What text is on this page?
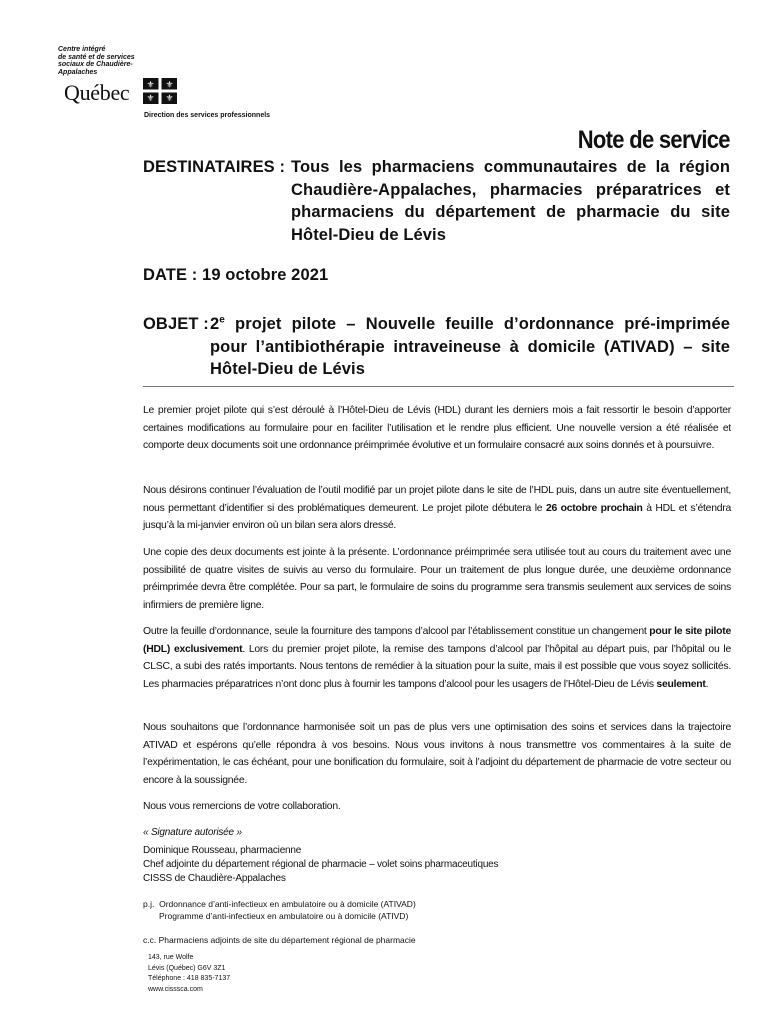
Centre intégré
de santé et de services
sociaux de Chaudière-
Appalaches
Québec ⚜ ⚜
⚜ ⚜
Direction des services professionnels
Note de service
DESTINATAIRES : Tous les pharmaciens communautaires de la région Chaudière-Appalaches, pharmacies préparatrices et pharmaciens du département de pharmacie du site Hôtel-Dieu de Lévis
DATE : 19 octobre 2021
OBJET : 2e projet pilote – Nouvelle feuille d’ordonnance pré-imprimée pour l’antibiothérapie intraveineuse à domicile (ATIVAD) – site Hôtel-Dieu de Lévis
Le premier projet pilote qui s’est déroulé à l’Hôtel-Dieu de Lévis (HDL) durant les derniers mois a fait ressortir le besoin d’apporter certaines modifications au formulaire pour en faciliter l’utilisation et le rendre plus efficient. Une nouvelle version a été réalisée et comporte deux documents soit une ordonnance préimprimée évolutive et un formulaire consacré aux soins donnés et à poursuivre.
Nous désirons continuer l’évaluation de l’outil modifié par un projet pilote dans le site de l’HDL puis, dans un autre site éventuellement, nous permettant d’identifier si des problématiques demeurent. Le projet pilote débutera le 26 octobre prochain à HDL et s’étendra jusqu’à la mi-janvier environ où un bilan sera alors dressé.
Une copie des deux documents est jointe à la présente. L’ordonnance préimprimée sera utilisée tout au cours du traitement avec une possibilité de quatre visites de suivis au verso du formulaire. Pour un traitement de plus longue durée, une deuxième ordonnance préimprimée devra être complétée. Pour sa part, le formulaire de soins du programme sera transmis seulement aux services de soins infirmiers de première ligne.
Outre la feuille d’ordonnance, seule la fourniture des tampons d’alcool par l’établissement constitue un changement pour le site pilote (HDL) exclusivement. Lors du premier projet pilote, la remise des tampons d’alcool par l’hôpital au départ puis, par l’hôpital ou le CLSC, a subi des ratés importants. Nous tentons de remédier à la situation pour la suite, mais il est possible que vous soyez sollicités. Les pharmacies préparatrices n’ont donc plus à fournir les tampons d’alcool pour les usagers de l’Hôtel-Dieu de Lévis seulement.
Nous souhaitons que l’ordonnance harmonisée soit un pas de plus vers une optimisation des soins et services dans la trajectoire ATIVAD et espérons qu’elle répondra à vos besoins. Nous vous invitons à nous transmettre vos commentaires à la suite de l’expérimentation, le cas échéant, pour une bonification du formulaire, soit à l’adjoint du département de pharmacie de votre secteur ou encore à la soussignée.
Nous vous remercions de votre collaboration.
« Signature autorisée »
Dominique Rousseau, pharmacienne
Chef adjointe du département régional de pharmacie – volet soins pharmaceutiques
CISSS de Chaudière-Appalaches
p.j. Ordonnance d’anti-infectieux en ambulatoire ou à domicile (ATIVAD)
Programme d’anti-infectieux en ambulatoire ou à domicile (ATIVD)
c.c. Pharmaciens adjoints de site du département régional de pharmacie
143, rue Wolfe
Lévis (Québec) G6V 3Z1
Téléphone : 418 835-7137
www.cisssca.com
